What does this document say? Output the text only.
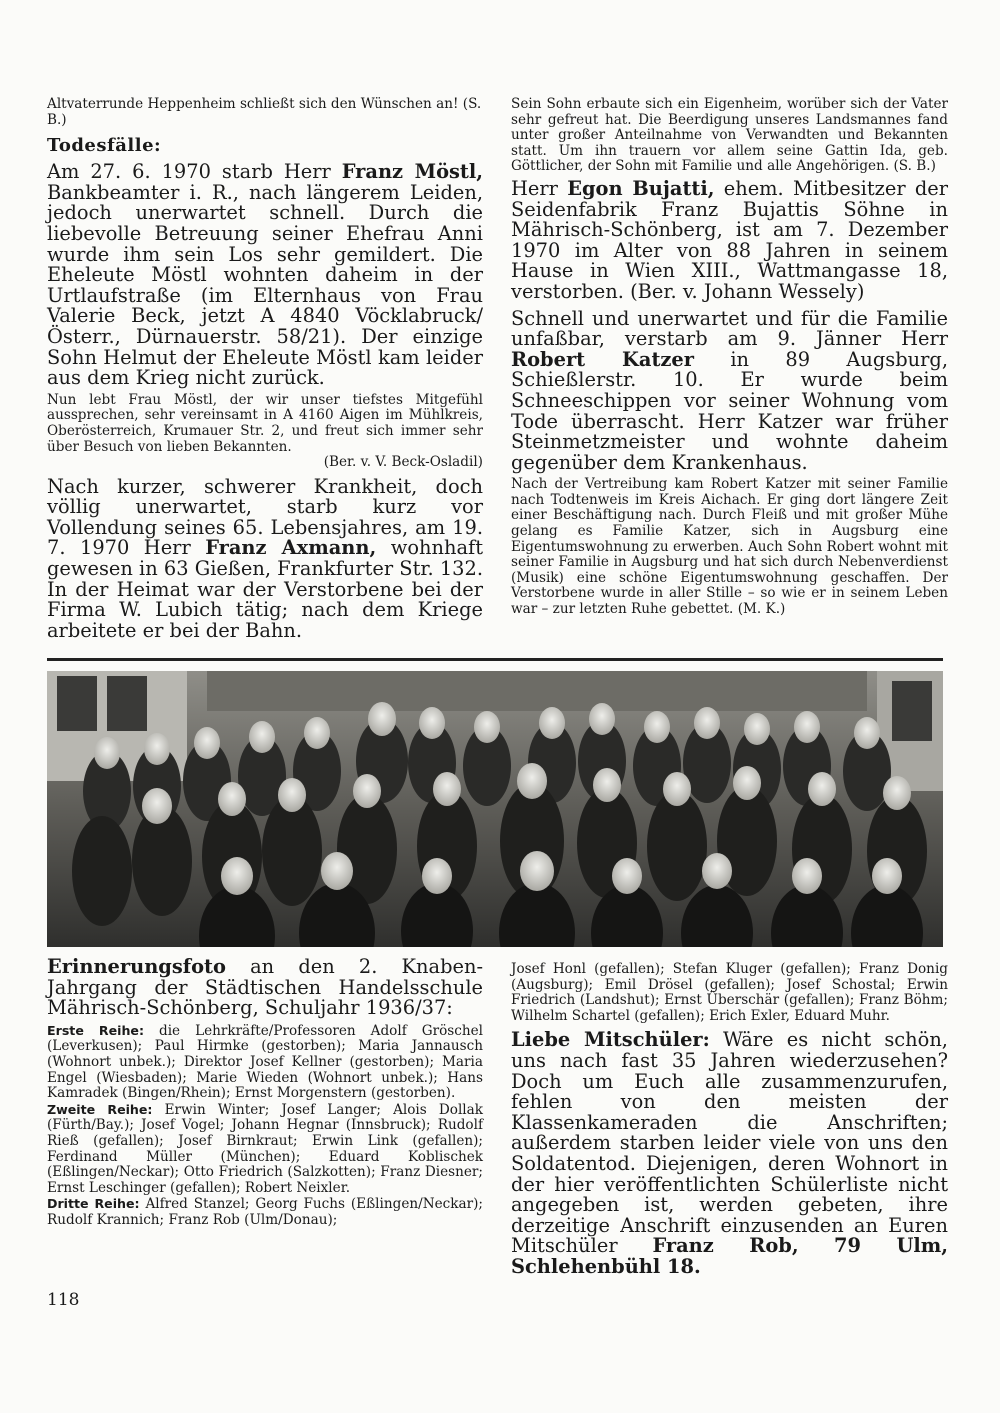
Altvaterrunde Heppenheim schließt sich den Wünschen an! (S. B.)

Todesfälle:

Am 27. 6. 1970 starb Herr Franz Möstl, Bankbeamter i. R., nach längerem Leiden, jedoch unerwartet schnell. Durch die liebevolle Betreuung seiner Ehefrau Anni wurde ihm sein Los sehr gemildert. Die Eheleute Möstl wohnten daheim in der Urtlaufstraße (im Elternhaus von Frau Valerie Beck, jetzt A 4840 Vöcklabruck/Österr., Dürnauerstr. 58/21). Der einzige Sohn Helmut der Eheleute Möstl kam leider aus dem Krieg nicht zurück.

Nun lebt Frau Möstl, der wir unser tiefstes Mitgefühl aussprechen, sehr vereinsamt in A 4160 Aigen im Mühlkreis, Oberösterreich, Krumauer Str. 2, und freut sich immer sehr über Besuch von lieben Bekannten.

(Ber. v. V. Beck-Osladil)

Nach kurzer, schwerer Krankheit, doch völlig unerwartet, starb kurz vor Vollendung seines 65. Lebensjahres, am 19. 7. 1970 Herr Franz Axmann, wohnhaft gewesen in 63 Gießen, Frankfurter Str. 132. In der Heimat war der Verstorbene bei der Firma W. Lubich tätig; nach dem Kriege arbeitete er bei der Bahn.

Sein Sohn erbaute sich ein Eigenheim, worüber sich der Vater sehr gefreut hat. Die Beerdigung unseres Landsmannes fand unter großer Anteilnahme von Verwandten und Bekannten statt. Um ihn trauern vor allem seine Gattin Ida, geb. Göttlicher, der Sohn mit Familie und alle Angehörigen. (S. B.)

Herr Egon Bujatti, ehem. Mitbesitzer der Seidenfabrik Franz Bujattis Söhne in Mährisch-Schönberg, ist am 7. Dezember 1970 im Alter von 88 Jahren in seinem Hause in Wien XIII., Wattmangasse 18, verstorben. (Ber. v. Johann Wessely)

Schnell und unerwartet und für die Familie unfaßbar, verstarb am 9. Jänner Herr Robert Katzer in 89 Augsburg, Schießlerstr. 10. Er wurde beim Schneeschippen vor seiner Wohnung vom Tode überrascht. Herr Katzer war früher Steinmetzmeister und wohnte daheim gegenüber dem Krankenhaus.

Nach der Vertreibung kam Robert Katzer mit seiner Familie nach Todtenweis im Kreis Aichach. Er ging dort längere Zeit einer Beschäftigung nach. Durch Fleiß und mit großer Mühe gelang es Familie Katzer, sich in Augsburg eine Eigentumswohnung zu erwerben. Auch Sohn Robert wohnt mit seiner Familie in Augsburg und hat sich durch Nebenverdienst (Musik) eine schöne Eigentumswohnung geschaffen. Der Verstorbene wurde in aller Stille – so wie er in seinem Leben war – zur letzten Ruhe gebettet. (M. K.)

Erinnerungsfoto an den 2. Knaben-Jahrgang der Städtischen Handelsschule Mährisch-Schönberg, Schuljahr 1936/37:

Erste Reihe: die Lehrkräfte/Professoren Adolf Gröschel (Leverkusen); Paul Hirmke (gestorben); Maria Jannausch (Wohnort unbek.); Direktor Josef Kellner (gestorben); Maria Engel (Wiesbaden); Marie Wieden (Wohnort unbek.); Hans Kamradek (Bingen/Rhein); Ernst Morgenstern (gestorben).

Zweite Reihe: Erwin Winter; Josef Langer; Alois Dollak (Fürth/Bay.); Josef Vogel; Johann Hegnar (Innsbruck); Rudolf Rieß (gefallen); Josef Birnkraut; Erwin Link (gefallen); Ferdinand Müller (München); Eduard Koblischek (Eßlingen/Neckar); Otto Friedrich (Salzkotten); Franz Diesner; Ernst Leschinger (gefallen); Robert Neixler.

Dritte Reihe: Alfred Stanzel; Georg Fuchs (Eßlingen/Neckar); Rudolf Krannich; Franz Rob (Ulm/Donau);

Josef Honl (gefallen); Stefan Kluger (gefallen); Franz Donig (Augsburg); Emil Drösel (gefallen); Josef Schostal; Erwin Friedrich (Landshut); Ernst Überschär (gefallen); Franz Böhm; Wilhelm Schartel (gefallen); Erich Exler, Eduard Muhr.

Liebe Mitschüler: Wäre es nicht schön, uns nach fast 35 Jahren wiederzusehen? Doch um Euch alle zusammenzurufen, fehlen von den meisten der Klassenkameraden die Anschriften; außerdem starben leider viele von uns den Soldatentod. Diejenigen, deren Wohnort in der hier veröffentlichten Schülerliste nicht angegeben ist, werden gebeten, ihre derzeitige Anschrift einzusenden an Euren Mitschüler Franz Rob, 79 Ulm, Schlehenbühl 18.

118
